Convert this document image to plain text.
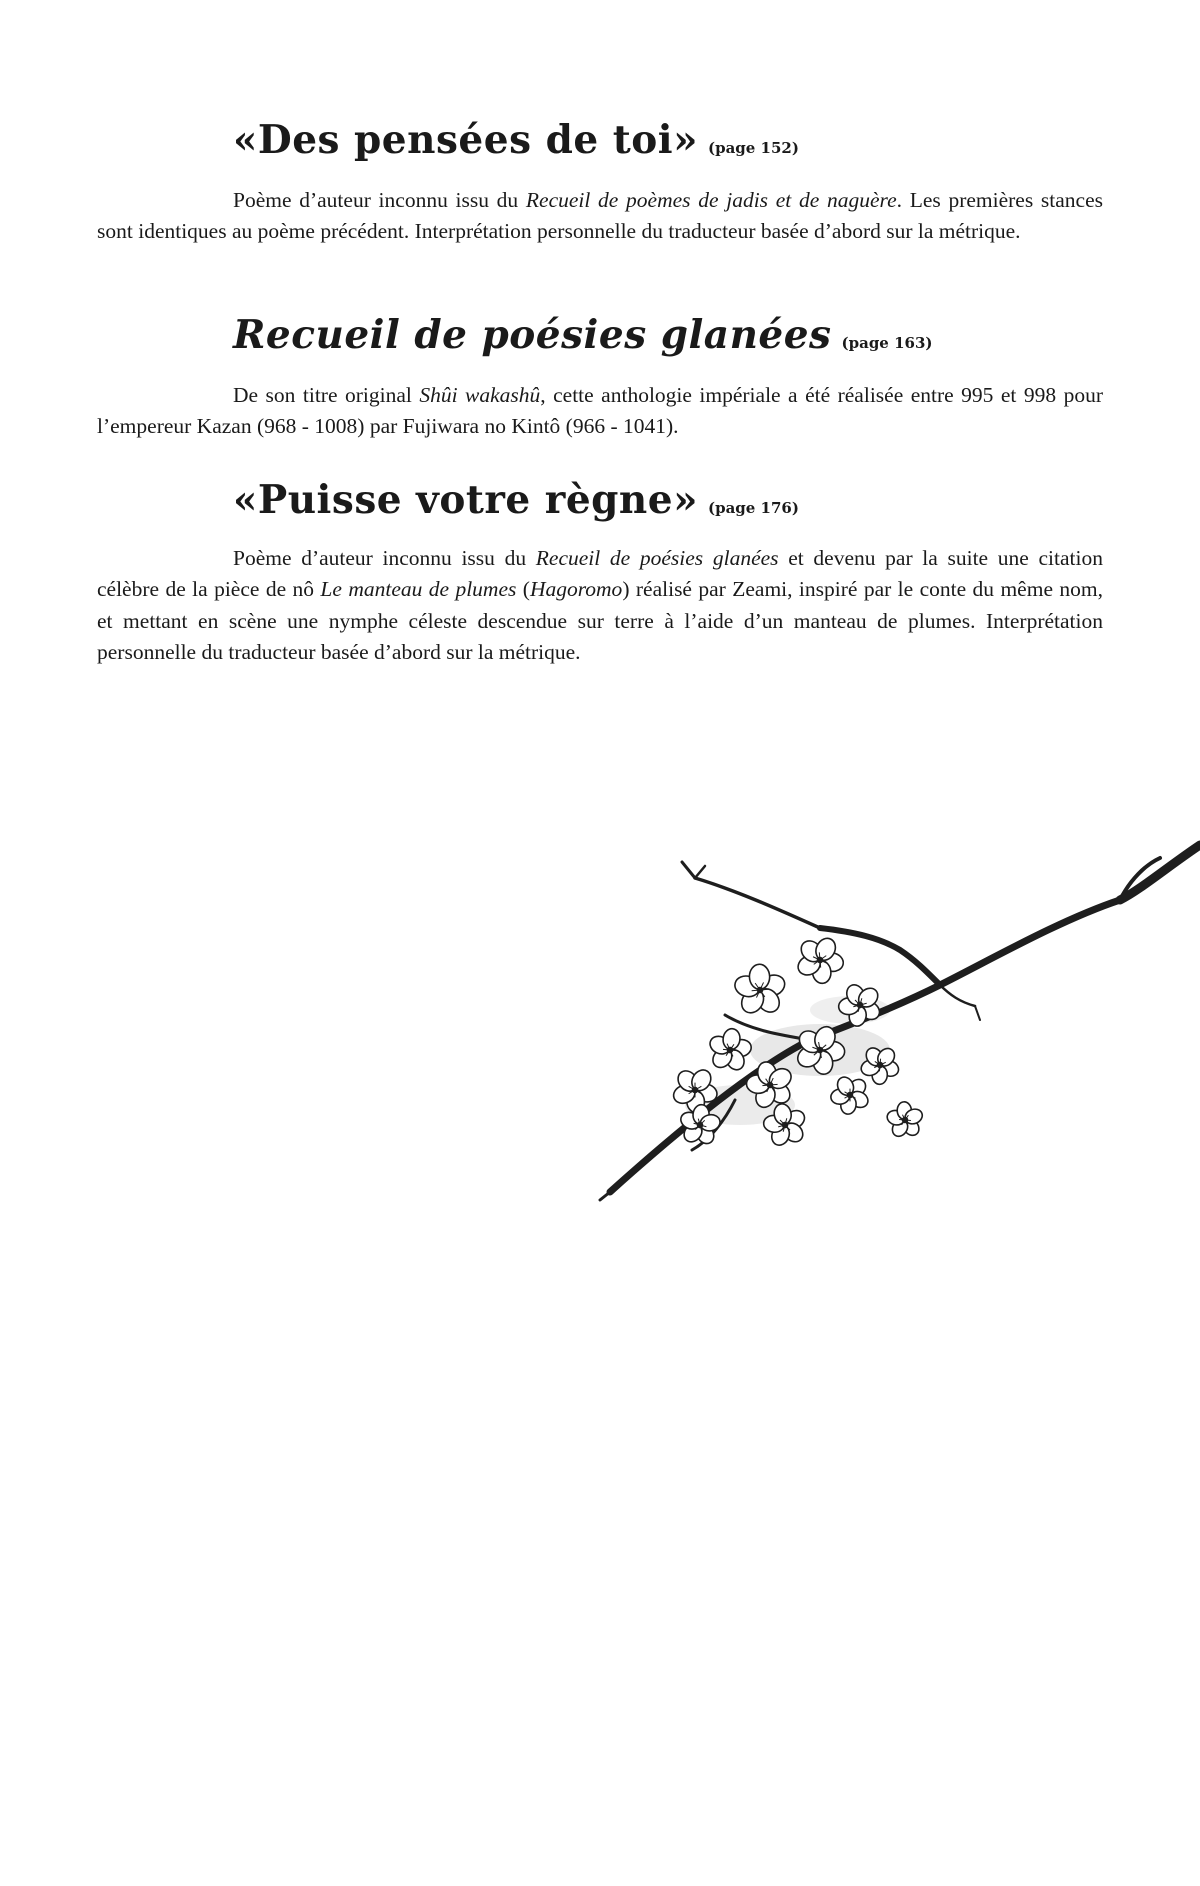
«Des pensées de toi» (page 152)

Poème d’auteur inconnu issu du Recueil de poèmes de jadis et de naguère. Les premières stances sont identiques au poème précédent. Interprétation personnelle du traducteur basée d’abord sur la métrique.

Recueil de poésies glanées (page 163)

De son titre original Shûi wakashû, cette anthologie impériale a été réalisée entre 995 et 998 pour l’empereur Kazan (968 - 1008) par Fujiwara no Kintô (966 - 1041).

«Puisse votre règne» (page 176)

Poème d’auteur inconnu issu du Recueil de poésies glanées et devenu par la suite une citation célèbre de la pièce de nô Le manteau de plumes (Hagoromo) réalisé par Zeami, inspiré par le conte du même nom, et mettant en scène une nymphe céleste descendue sur terre à l’aide d’un manteau de plumes. Interprétation personnelle du traducteur basée d’abord sur la métrique.
